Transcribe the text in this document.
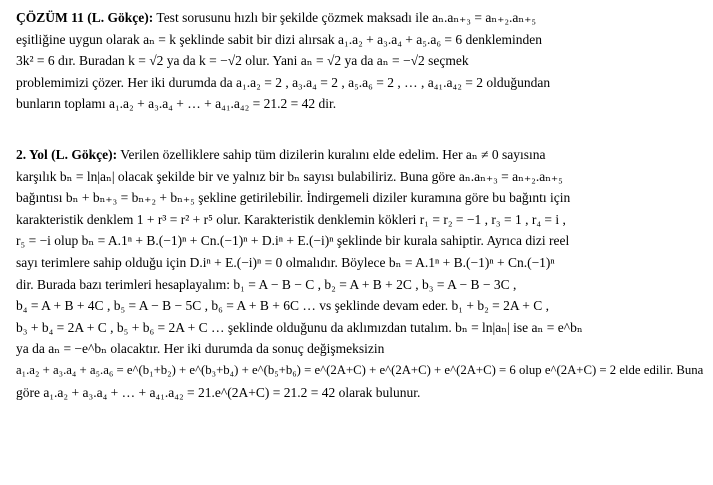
ÇÖZÜM 11 (L. Gökçe): Test sorusunu hızlı bir şekilde çözmek maksadı ile aₙ.aₙ₊₃ = aₙ₊₂.aₙ₊₅
eşitliğine uygun olarak aₙ = k şeklinde sabit bir dizi alırsak a₁.a₂ + a₃.a₄ + a₅.a₆ = 6 denkleminden
3k² = 6 dır. Buradan k = √2 ya da k = −√2 olur. Yani aₙ = √2 ya da aₙ = −√2 seçmek
problemimizi çözer. Her iki durumda da a₁.a₂ = 2 , a₃.a₄ = 2 , a₅.a₆ = 2 , … , a₄₁.a₄₂ = 2 olduğundan
bunların toplamı a₁.a₂ + a₃.a₄ + … + a₄₁.a₄₂ = 21.2 = 42 dir.
2. Yol (L. Gökçe): Verilen özelliklere sahip tüm dizilerin kuralını elde edelim. Her aₙ ≠ 0 sayısına
karşılık bₙ = ln|aₙ| olacak şekilde bir ve yalnız bir bₙ sayısı bulabiliriz. Buna göre aₙ.aₙ₊₃ = aₙ₊₂.aₙ₊₅
bağıntısı bₙ + bₙ₊₃ = bₙ₊₂ + bₙ₊₅ şekline getirilebilir. İndirgemeli diziler kuramına göre bu bağıntı için
karakteristik denklem 1 + r³ = r² + r⁵ olur. Karakteristik denklemin kökleri r₁ = r₂ = −1 , r₃ = 1 , r₄ = i ,
r₅ = −i olup bₙ = A.1ⁿ + B.(−1)ⁿ + Cn.(−1)ⁿ + D.iⁿ + E.(−i)ⁿ şeklinde bir kurala sahiptir. Ayrıca dizi reel
sayı terimlere sahip olduğu için D.iⁿ + E.(−i)ⁿ = 0 olmalıdır. Böylece bₙ = A.1ⁿ + B.(−1)ⁿ + Cn.(−1)ⁿ
dir. Burada bazı terimleri hesaplayalım: b₁ = A − B − C , b₂ = A + B + 2C , b₃ = A − B − 3C ,
b₄ = A + B + 4C , b₅ = A − B − 5C , b₆ = A + B + 6C … vs şeklinde devam eder. b₁ + b₂ = 2A + C ,
b₃ + b₄ = 2A + C , b₅ + b₆ = 2A + C … şeklinde olduğunu da aklımızdan tutalım. bₙ = ln|aₙ| ise aₙ = e^bₙ
ya da aₙ = −e^bₙ olacaktır. Her iki durumda da sonuç değişmeksizin
a₁.a₂ + a₃.a₄ + a₅.a₆ = e^(b₁+b₂) + e^(b₃+b₄) + e^(b₅+b₆) = e^(2A+C) + e^(2A+C) + e^(2A+C) = 6 olup e^(2A+C) = 2 elde edilir. Buna
göre a₁.a₂ + a₃.a₄ + … + a₄₁.a₄₂ = 21.e^(2A+C) = 21.2 = 42 olarak bulunur.
